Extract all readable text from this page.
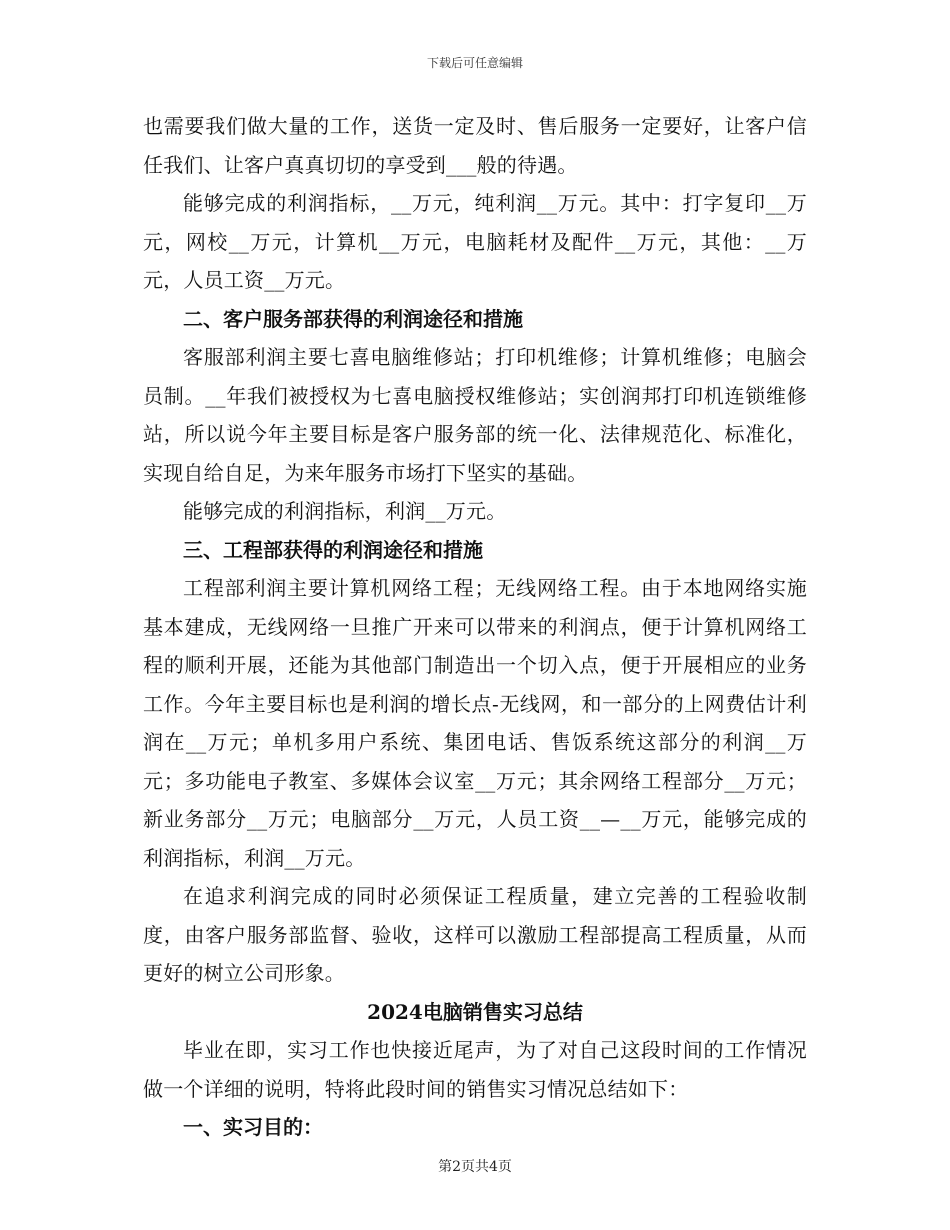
下载后可任意编辑

也需要我们做大量的工作，送货一定及时、售后服务一定要好，让客户信任我们、让客户真真切切的享受到___般的待遇。

能够完成的利润指标，__万元，纯利润__万元。其中：打字复印__万元，网校__万元，计算机__万元，电脑耗材及配件__万元，其他：__万元，人员工资__万元。

二、客户服务部获得的利润途径和措施

客服部利润主要七喜电脑维修站；打印机维修；计算机维修；电脑会员制。__年我们被授权为七喜电脑授权维修站；实创润邦打印机连锁维修站，所以说今年主要目标是客户服务部的统一化、法律规范化、标准化，实现自给自足，为来年服务市场打下坚实的基础。

能够完成的利润指标，利润__万元。

三、工程部获得的利润途径和措施

工程部利润主要计算机网络工程；无线网络工程。由于本地网络实施基本建成，无线网络一旦推广开来可以带来的利润点，便于计算机网络工程的顺利开展，还能为其他部门制造出一个切入点，便于开展相应的业务工作。今年主要目标也是利润的增长点-无线网，和一部分的上网费估计利润在__万元；单机多用户系统、集团电话、售饭系统这部分的利润__万元；多功能电子教室、多媒体会议室__万元；其余网络工程部分__万元；新业务部分__万元；电脑部分__万元，人员工资__—__万元，能够完成的利润指标，利润__万元。

在追求利润完成的同时必须保证工程质量，建立完善的工程验收制度，由客户服务部监督、验收，这样可以激励工程部提高工程质量，从而更好的树立公司形象。

2024电脑销售实习总结

毕业在即，实习工作也快接近尾声，为了对自己这段时间的工作情况做一个详细的说明，特将此段时间的销售实习情况总结如下：

一、实习目的：

第2页共4页
